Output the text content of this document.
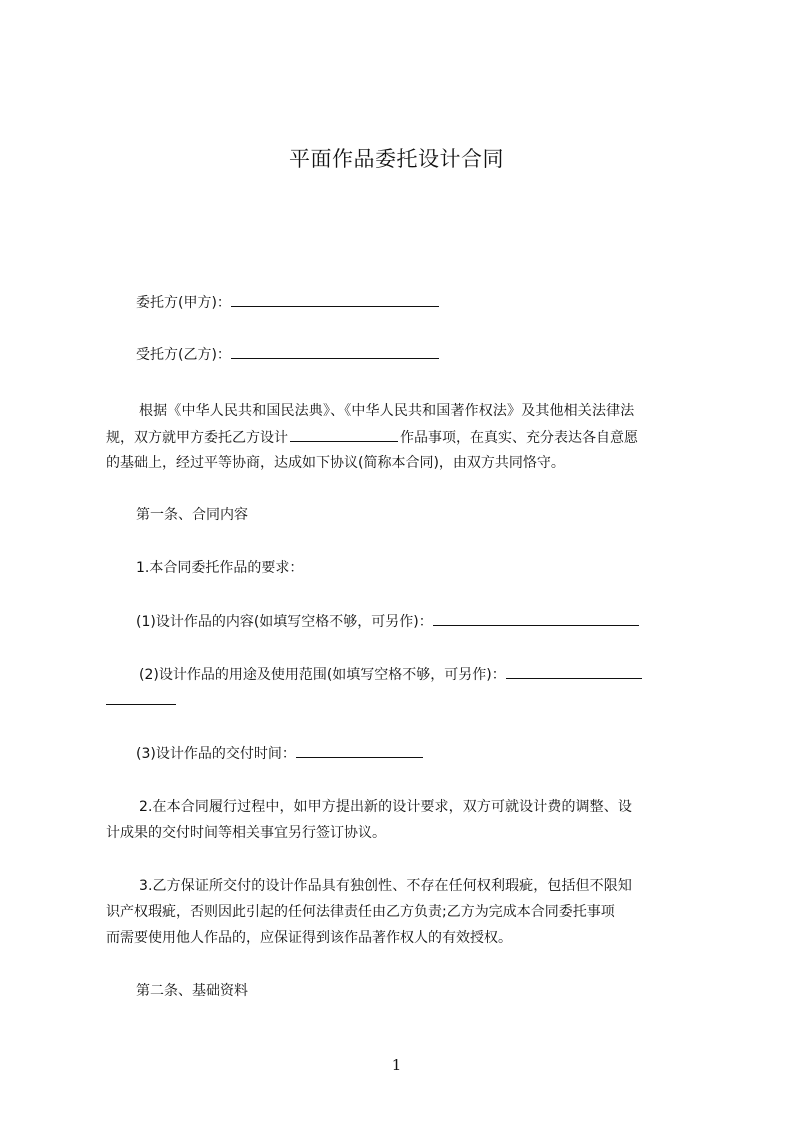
平面作品委托设计合同
委托方(甲方)：
受托方(乙方)：
根据《中华人民共和国民法典》、《中华人民共和国著作权法》及其他相关法律法
规，双方就甲方委托乙方设计	作品事项，在真实、充分表达各自意愿
的基础上，经过平等协商，达成如下协议(简称本合同)，由双方共同恪守。
第一条、合同内容
1.本合同委托作品的要求：
(1)设计作品的内容(如填写空格不够，可另作)：
(2)设计作品的用途及使用范围(如填写空格不够，可另作)：
(3)设计作品的交付时间：
2.在本合同履行过程中，如甲方提出新的设计要求，双方可就设计费的调整、设
计成果的交付时间等相关事宜另行签订协议。
3.乙方保证所交付的设计作品具有独创性、不存在任何权利瑕疵，包括但不限知
识产权瑕疵，否则因此引起的任何法律责任由乙方负责;乙方为完成本合同委托事项
而需要使用他人作品的，应保证得到该作品著作权人的有效授权。
第二条、基础资料
1
